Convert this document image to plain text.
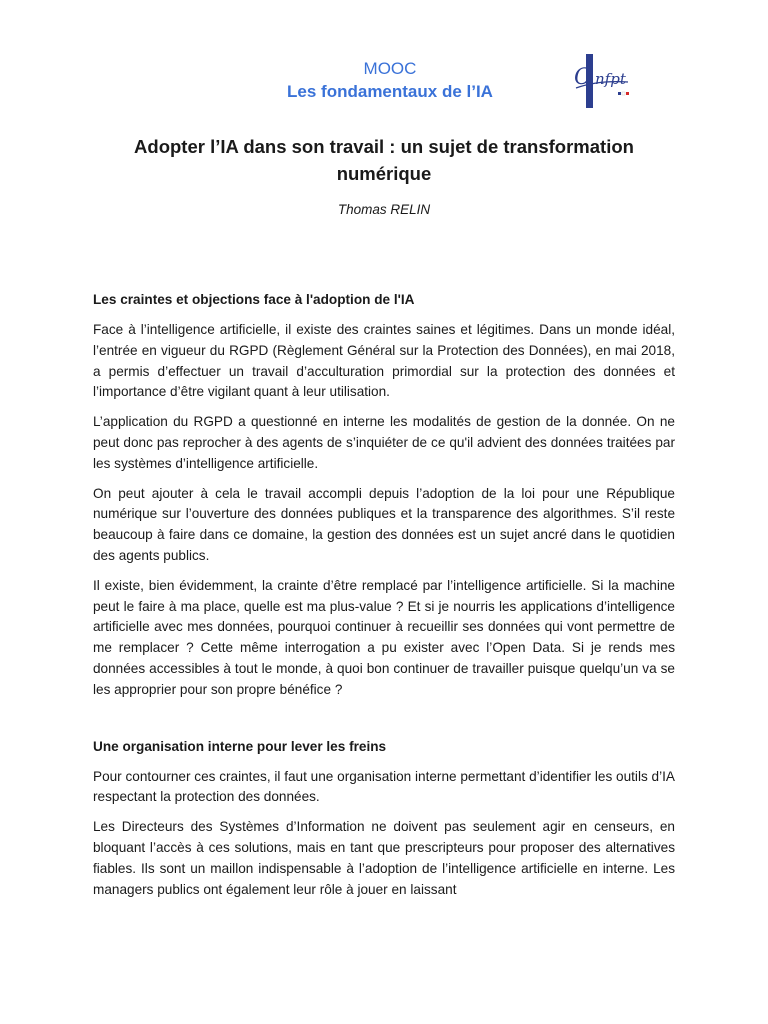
MOOC
Les fondamentaux de l’IA
C nfpt
Adopter l’IA dans son travail : un sujet de transformation numérique
Thomas RELIN
Les craintes et objections face à l'adoption de l'IA

Face à l’intelligence artificielle, il existe des craintes saines et légitimes. Dans un monde idéal, l’entrée en vigueur du RGPD (Règlement Général sur la Protection des Données), en mai 2018, a permis d’effectuer un travail d’acculturation primordial sur la protection des données et l’importance d’être vigilant quant à leur utilisation.

L’application du RGPD a questionné en interne les modalités de gestion de la donnée. On ne peut donc pas reprocher à des agents de s’inquiéter de ce qu'il advient des données traitées par les systèmes d’intelligence artificielle.

On peut ajouter à cela le travail accompli depuis l’adoption de la loi pour une République numérique sur l’ouverture des données publiques et la transparence des algorithmes. S’il reste beaucoup à faire dans ce domaine, la gestion des données est un sujet ancré dans le quotidien des agents publics.

Il existe, bien évidemment, la crainte d’être remplacé par l’intelligence artificielle. Si la machine peut le faire à ma place, quelle est ma plus-value ? Et si je nourris les applications d’intelligence artificielle avec mes données, pourquoi continuer à recueillir ses données qui vont permettre de me remplacer ? Cette même interrogation a pu exister avec l’Open Data. Si je rends mes données accessibles à tout le monde, à quoi bon continuer de travailler puisque quelqu’un va se les approprier pour son propre bénéfice ?

Une organisation interne pour lever les freins

Pour contourner ces craintes, il faut une organisation interne permettant d’identifier les outils d’IA respectant la protection des données.

Les Directeurs des Systèmes d’Information ne doivent pas seulement agir en censeurs, en bloquant l’accès à ces solutions, mais en tant que prescripteurs pour proposer des alternatives fiables. Ils sont un maillon indispensable à l’adoption de l’intelligence artificielle en interne. Les managers publics ont également leur rôle à jouer en laissant
